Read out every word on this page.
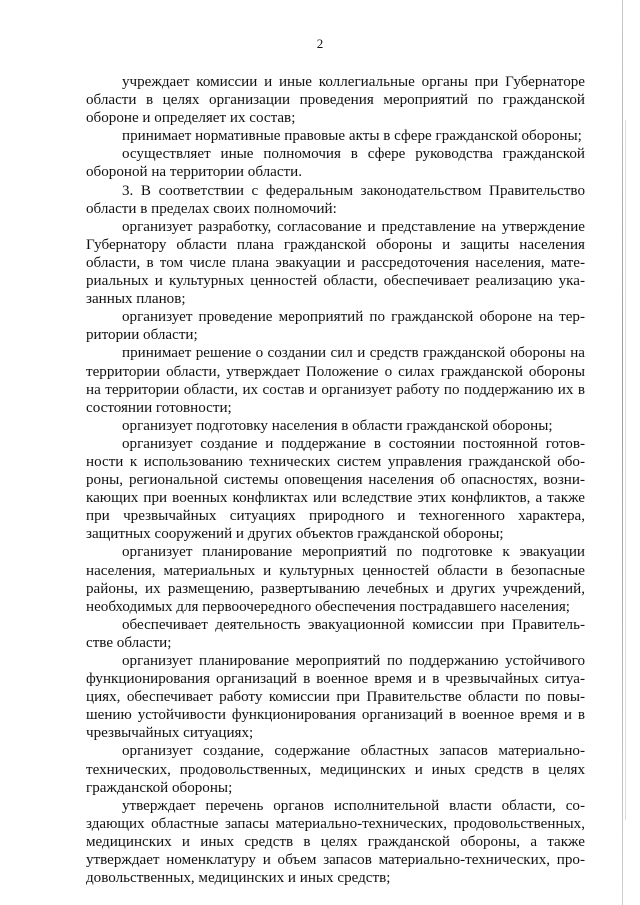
2

учреждает комиссии и иные коллегиальные органы при Губернаторе области в целях организации проведения мероприятий по гражданской обороне и определяет их состав;

принимает нормативные правовые акты в сфере гражданской обороны;

осуществляет иные полномочия в сфере руководства гражданской обороной на территории области.

3. В соответствии с федеральным законодательством Правительство области в пределах своих полномочий:

организует разработку, согласование и представление на утверждение Губернатору области плана гражданской обороны и защиты населения области, в том числе плана эвакуации и рассредоточения населения, материальных и культурных ценностей области, обеспечивает реализацию указанных планов;

организует проведение мероприятий по гражданской обороне на территории области;

принимает решение о создании сил и средств гражданской обороны на территории области, утверждает Положение о силах гражданской обороны на территории области, их состав и организует работу по поддержанию их в состоянии готовности;

организует подготовку населения в области гражданской обороны;

организует создание и поддержание в состоянии постоянной готовности к использованию технических систем управления гражданской обороны, региональной системы оповещения населения об опасностях, возникающих при военных конфликтах или вследствие этих конфликтов, а также при чрезвычайных ситуациях природного и техногенного характера, защитных сооружений и других объектов гражданской обороны;

организует планирование мероприятий по подготовке к эвакуации населения, материальных и культурных ценностей области в безопасные районы, их размещению, развертыванию лечебных и других учреждений, необходимых для первоочередного обеспечения пострадавшего населения;

обеспечивает деятельность эвакуационной комиссии при Правительстве области;

организует планирование мероприятий по поддержанию устойчивого функционирования организаций в военное время и в чрезвычайных ситуациях, обеспечивает работу комиссии при Правительстве области по повышению устойчивости функционирования организаций в военное время и в чрезвычайных ситуациях;

организует создание, содержание областных запасов материально-технических, продовольственных, медицинских и иных средств в целях гражданской обороны;

утверждает перечень органов исполнительной власти области, создающих областные запасы материально-технических, продовольственных, медицинских и иных средств в целях гражданской обороны, а также утверждает номенклатуру и объем запасов материально-технических, продовольственных, медицинских и иных средств;
